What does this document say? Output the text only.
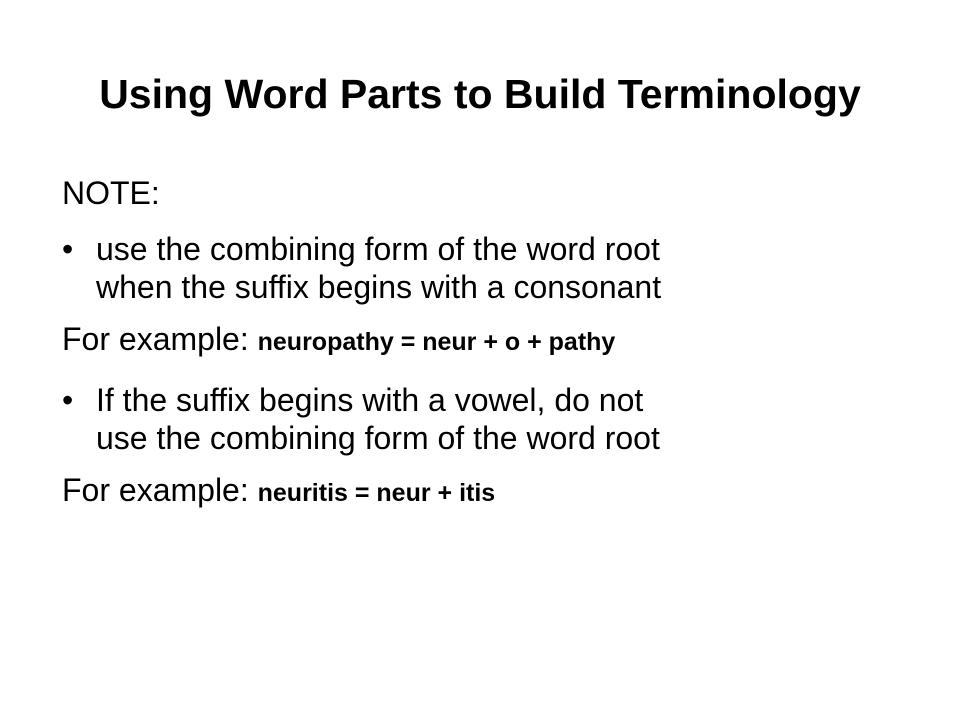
Using Word Parts to Build Terminology
NOTE:
• use the combining form of the word root
when the suffix begins with a consonant
For example: neuropathy = neur + o + pathy
• If the suffix begins with a vowel, do not
use the combining form of the word root
For example: neuritis = neur + itis
